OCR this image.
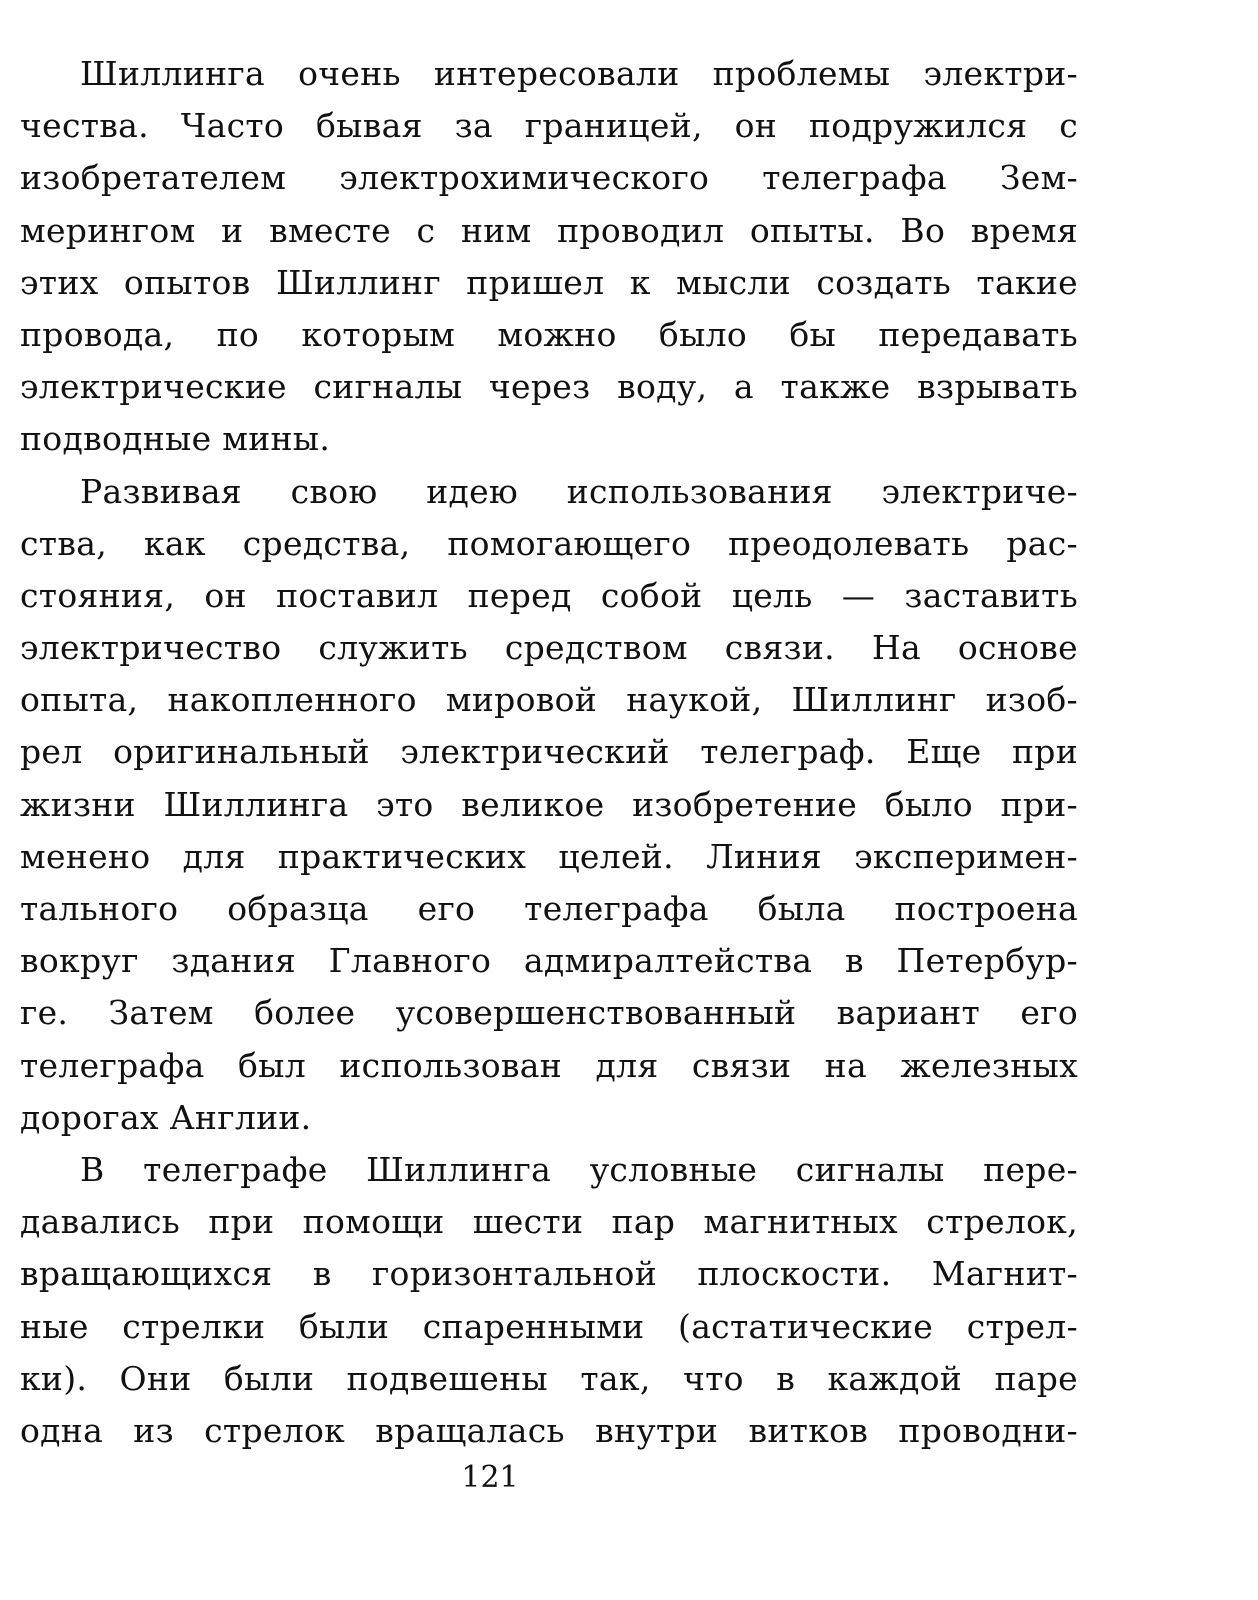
Шиллинга очень интересовали проблемы электри-
чества. Часто бывая за границей, он подружился с
изобретателем электрохимического телеграфа Зем-
мерингом и вместе с ним проводил опыты. Во время
этих опытов Шиллинг пришел к мысли создать такие
провода, по которым можно было бы передавать
электрические сигналы через воду, а также взрывать
подводные мины.
Развивая свою идею использования электриче-
ства, как средства, помогающего преодолевать рас-
стояния, он поставил перед собой цель — заставить
электричество служить средством связи. На основе
опыта, накопленного мировой наукой, Шиллинг изоб-
рел оригинальный электрический телеграф. Еще при
жизни Шиллинга это великое изобретение было при-
менено для практических целей. Линия эксперимен-
тального образца его телеграфа была построена
вокруг здания Главного адмиралтейства в Петербур-
ге. Затем более усовершенствованный вариант его
телеграфа был использован для связи на железных
дорогах Англии.
В телеграфе Шиллинга условные сигналы пере-
давались при помощи шести пар магнитных стрелок,
вращающихся в горизонтальной плоскости. Магнит-
ные стрелки были спаренными (астатические стрел-
ки). Они были подвешены так, что в каждой паре
одна из стрелок вращалась внутри витков проводни-
121
